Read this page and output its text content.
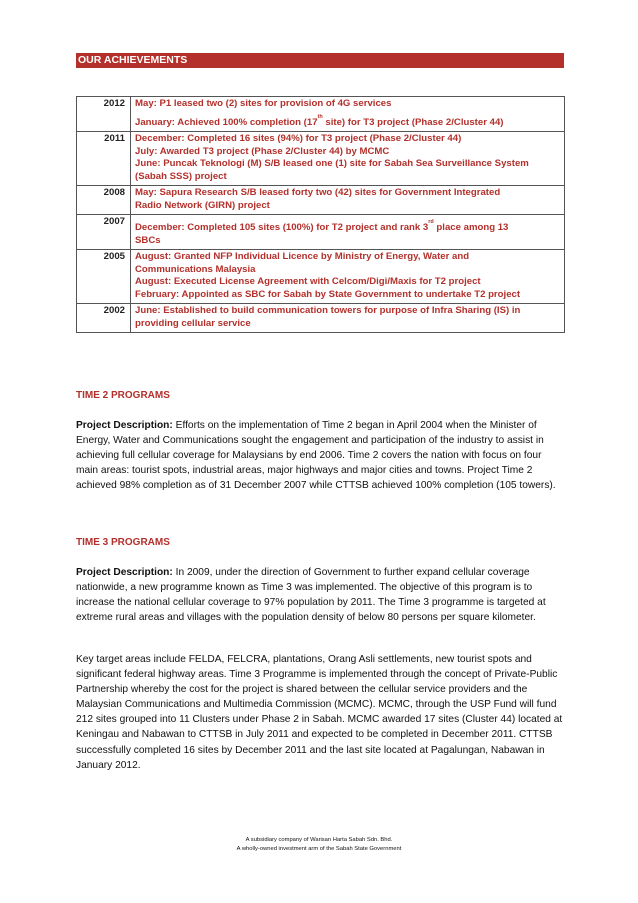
OUR ACHIEVEMENTS
2012	May: P1 leased two (2) sites for provision of 4G services
January: Achieved 100% completion (17th site) for T3 project (Phase 2/Cluster 44)

2011	December: Completed 16 sites (94%) for T3 project (Phase 2/Cluster 44)
July: Awarded T3 project (Phase 2/Cluster 44) by MCMC
June: Puncak Teknologi (M) S/B leased one (1) site for Sabah Sea Surveillance System
(Sabah SSS) project

2008	May: Sapura Research S/B leased forty two (42) sites for Government Integrated
Radio Network (GIRN) project

2007	December: Completed 105 sites (100%) for T2 project and rank 3rd place among 13
SBCs

2005	August: Granted NFP Individual Licence by Ministry of Energy, Water and
Communications Malaysia
August: Executed License Agreement with Celcom/Digi/Maxis for T2 project
February: Appointed as SBC for Sabah by State Government to undertake T2 project

2002	June: Established to build communication towers for purpose of Infra Sharing (IS) in
providing cellular service
TIME 2 PROGRAMS
Project Description: Efforts on the implementation of Time 2 began in April 2004 when the Minister of Energy, Water and Communications sought the engagement and participation of the industry to assist in achieving full cellular coverage for Malaysians by end 2006. Time 2 covers the nation with focus on four main areas: tourist spots, industrial areas, major highways and major cities and towns. Project Time 2 achieved 98% completion as of 31 December 2007 while CTTSB achieved 100% completion (105 towers).
TIME 3 PROGRAMS
Project Description: In 2009, under the direction of Government to further expand cellular coverage nationwide, a new programme known as Time 3 was implemented. The objective of this program is to increase the national cellular coverage to 97% population by 2011. The Time 3 programme is targeted at extreme rural areas and villages with the population density of below 80 persons per square kilometer.
Key target areas include FELDA, FELCRA, plantations, Orang Asli settlements, new tourist spots and significant federal highway areas. Time 3 Programme is implemented through the concept of Private-Public Partnership whereby the cost for the project is shared between the cellular service providers and the Malaysian Communications and Multimedia Commission (MCMC). MCMC, through the USP Fund will fund 212 sites grouped into 11 Clusters under Phase 2 in Sabah. MCMC awarded 17 sites (Cluster 44) located at Keningau and Nabawan to CTTSB in July 2011 and expected to be completed in December 2011. CTTSB successfully completed 16 sites by December 2011 and the last site located at Pagalungan, Nabawan in January 2012.
A subsidiary company of Warisan Harta Sabah Sdn. Bhd.
A wholly-owned investment arm of the Sabah State Government
